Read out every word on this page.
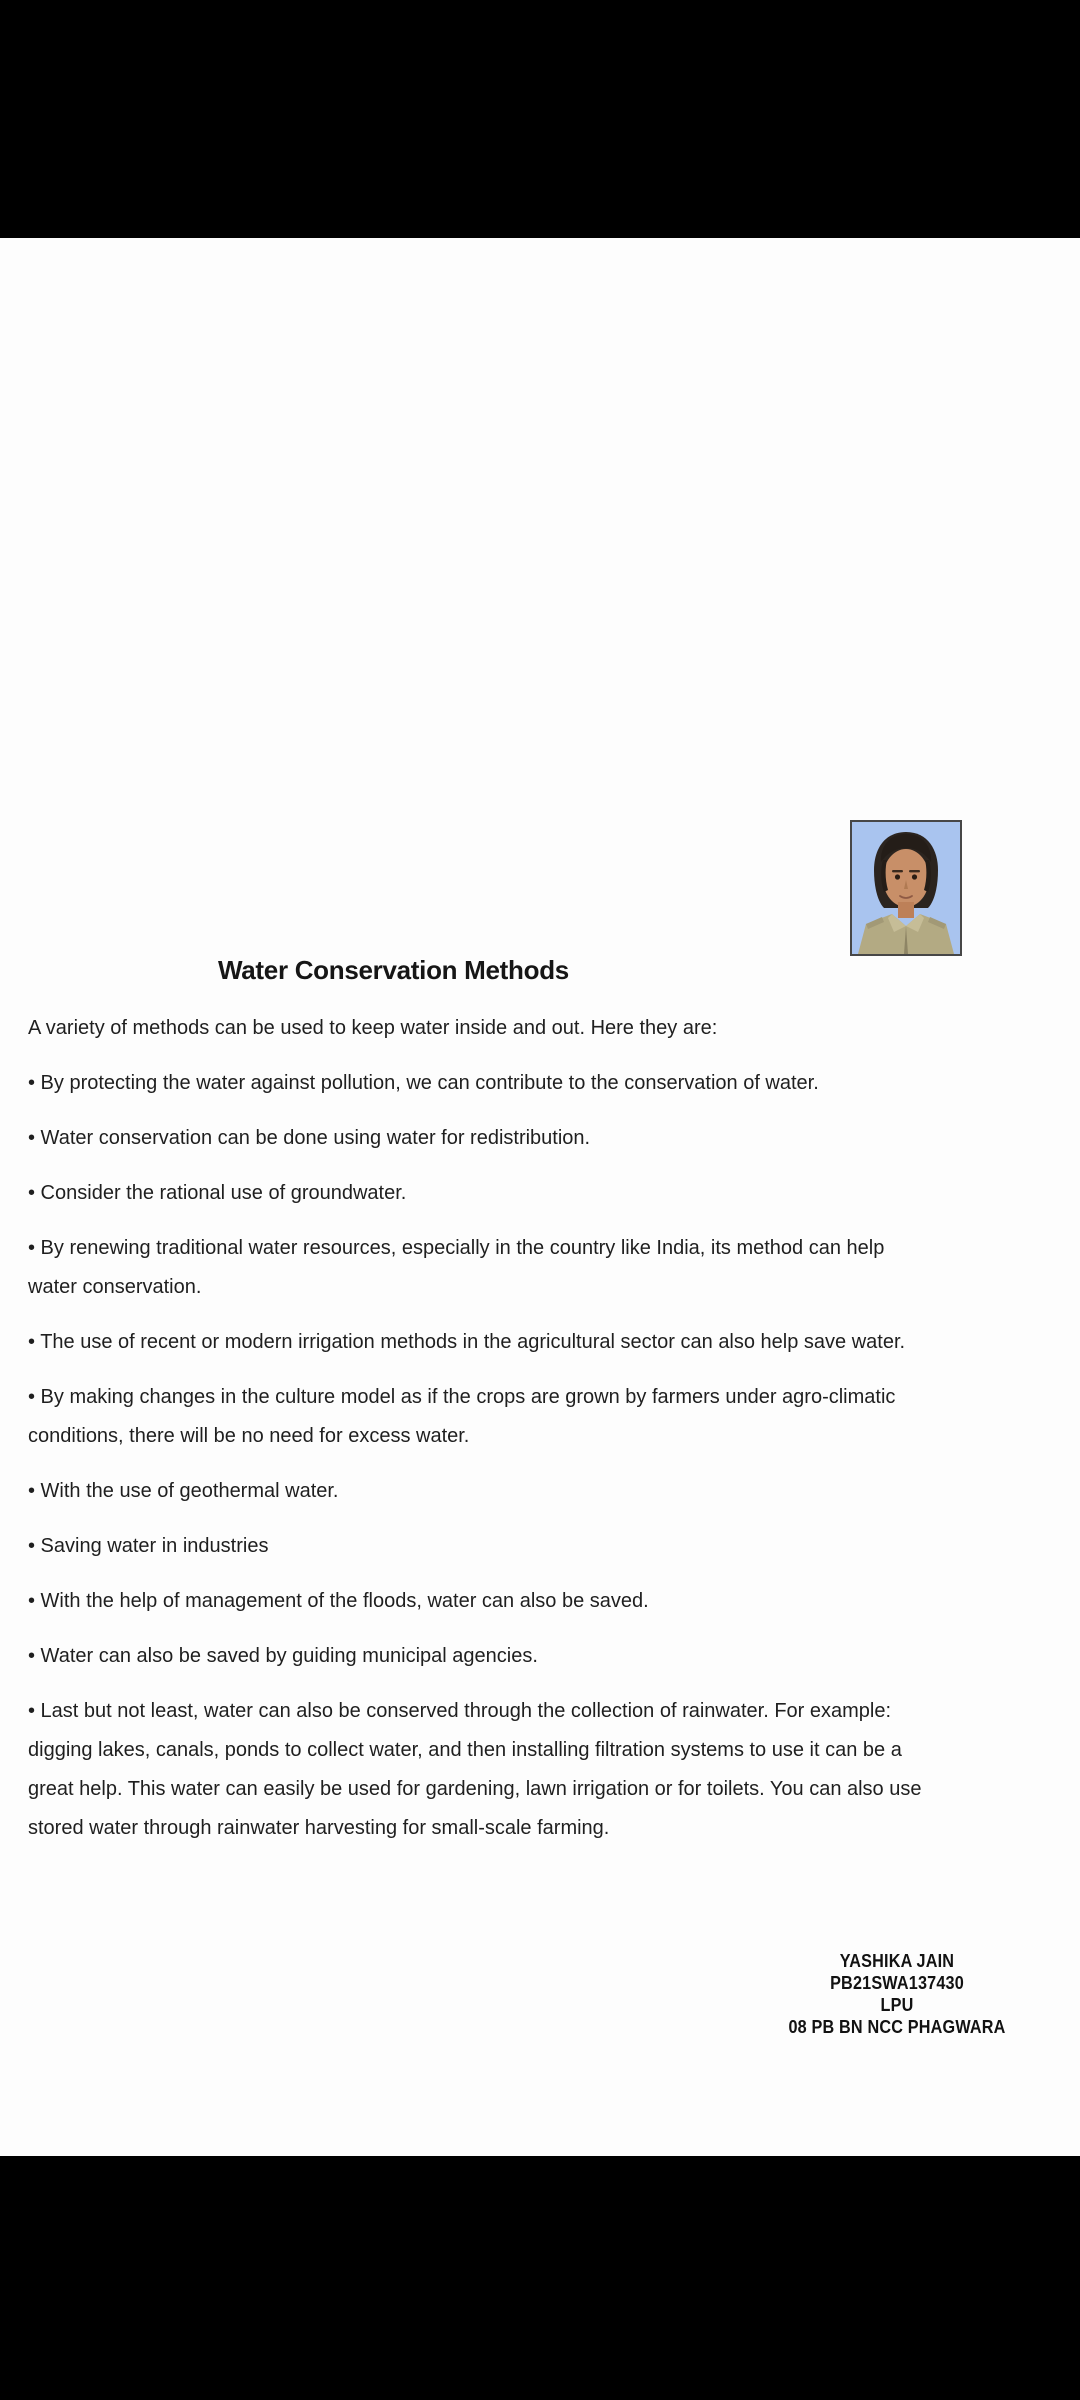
Water Conservation Methods

A variety of methods can be used to keep water inside and out. Here they are:

• By protecting the water against pollution, we can contribute to the conservation of water.

• Water conservation can be done using water for redistribution.

• Consider the rational use of groundwater.

• By renewing traditional water resources, especially in the country like India, its method can help
water conservation.

• The use of recent or modern irrigation methods in the agricultural sector can also help save water.

• By making changes in the culture model as if the crops are grown by farmers under agro-climatic
conditions, there will be no need for excess water.

• With the use of geothermal water.

• Saving water in industries

• With the help of management of the floods, water can also be saved.

• Water can also be saved by guiding municipal agencies.

• Last but not least, water can also be conserved through the collection of rainwater. For example:
digging lakes, canals, ponds to collect water, and then installing filtration systems to use it can be a
great help. This water can easily be used for gardening, lawn irrigation or for toilets. You can also use
stored water through rainwater harvesting for small-scale farming.

YASHIKA JAIN
PB21SWA137430
LPU
08 PB BN NCC PHAGWARA
